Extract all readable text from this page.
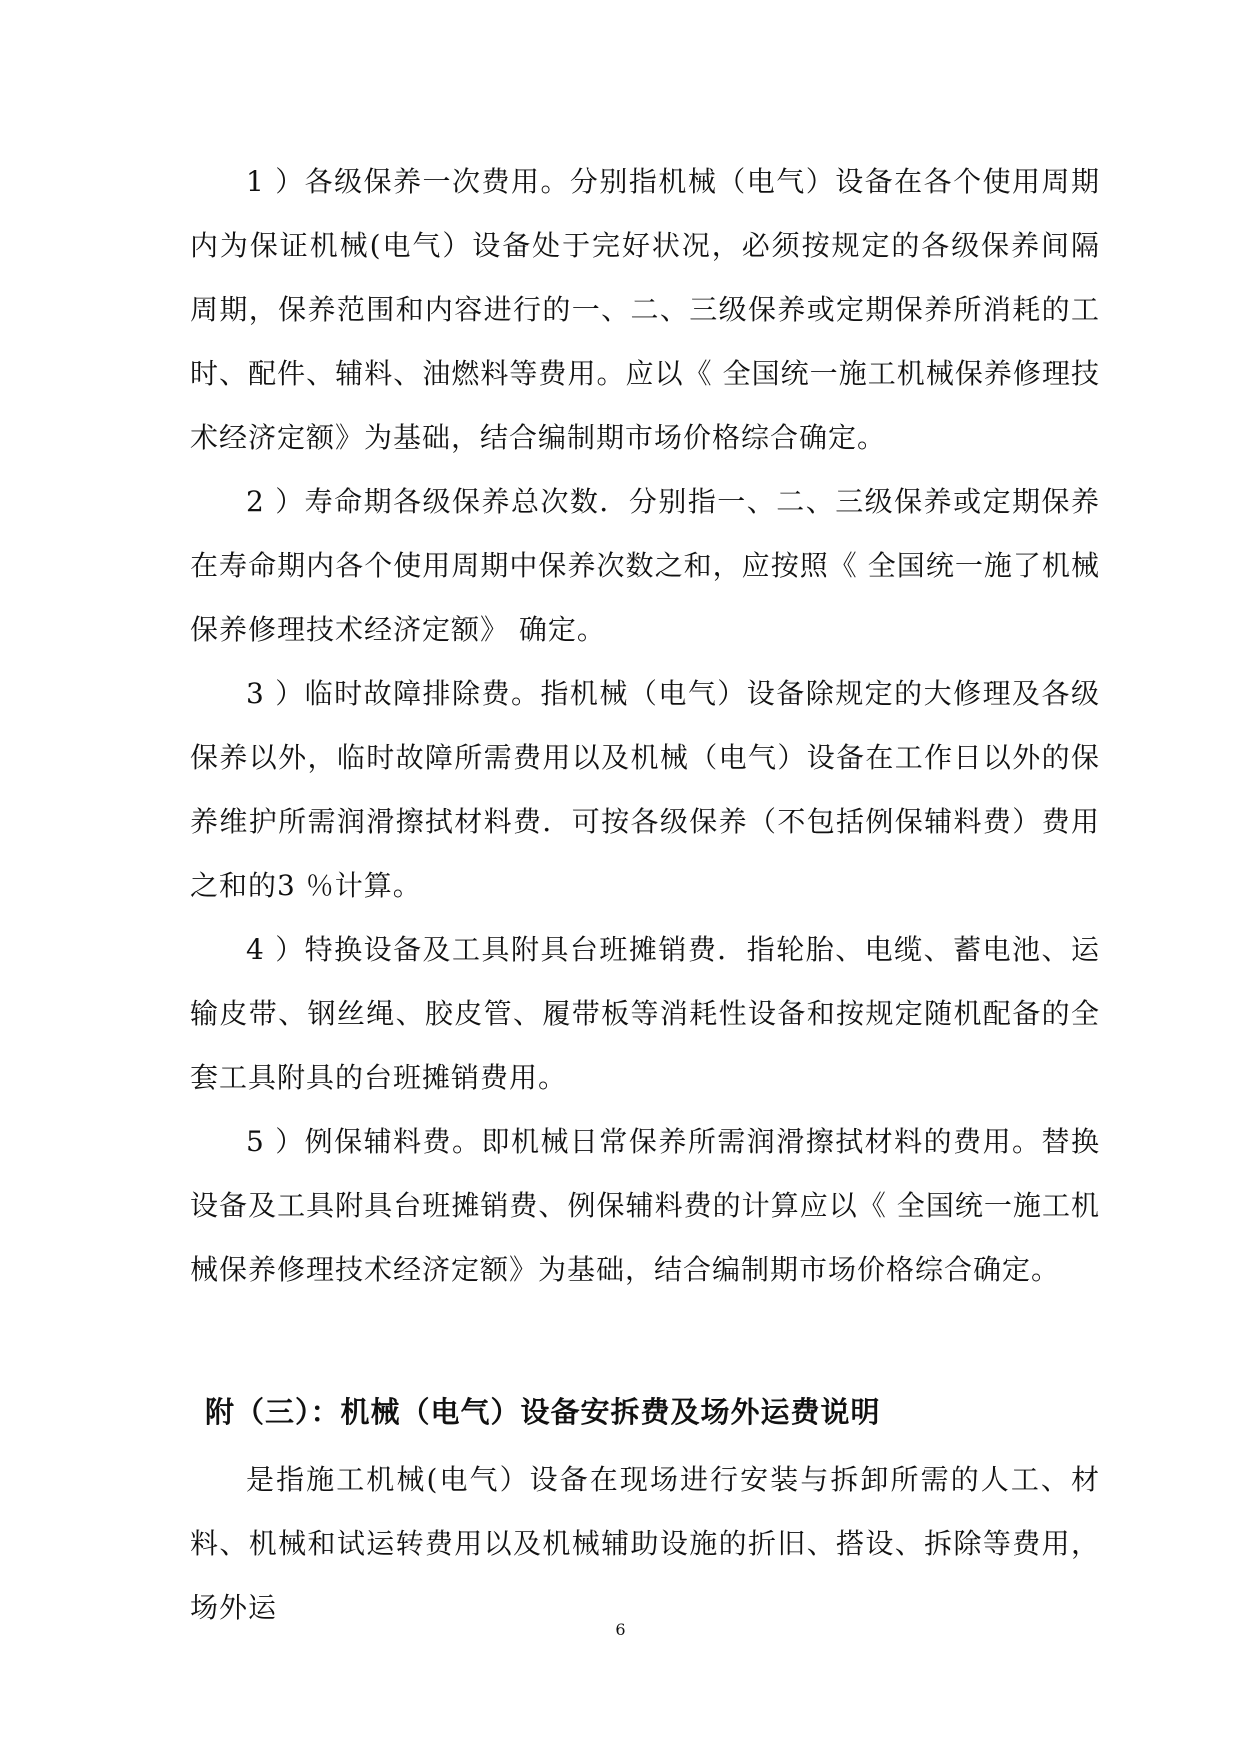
1 ）各级保养一次费用。分别指机械（电气）设备在各个使用周期内为保证机械(电气）设备处于完好状况，必须按规定的各级保养间隔周期，保养范围和内容进行的一、二、三级保养或定期保养所消耗的工时、配件、辅料、油燃料等费用。应以《 全国统一施工机械保养修理技术经济定额》为基础，结合编制期市场价格综合确定。

2 ）寿命期各级保养总次数．分别指一、二、三级保养或定期保养在寿命期内各个使用周期中保养次数之和，应按照《 全国统一施了机械保养修理技术经济定额》 确定。

3 ）临时故障排除费。指机械（电气）设备除规定的大修理及各级保养以外，临时故障所需费用以及机械（电气）设备在工作日以外的保养维护所需润滑擦拭材料费．可按各级保养（不包括例保辅料费）费用之和的3 ％计算。

4 ）特换设备及工具附具台班摊销费．指轮胎、电缆、蓄电池、运输皮带、钢丝绳、胶皮管、履带板等消耗性设备和按规定随机配备的全套工具附具的台班摊销费用。

5 ）例保辅料费。即机械日常保养所需润滑擦拭材料的费用。替换设备及工具附具台班摊销费、例保辅料费的计算应以《 全国统一施工机械保养修理技术经济定额》为基础，结合编制期市场价格综合确定。

附（三）：机械（电气）设备安拆费及场外运费说明

是指施工机械(电气）设备在现场进行安装与拆卸所需的人工、材料、机械和试运转费用以及机械辅助设施的折旧、搭设、拆除等费用，场外运

6
